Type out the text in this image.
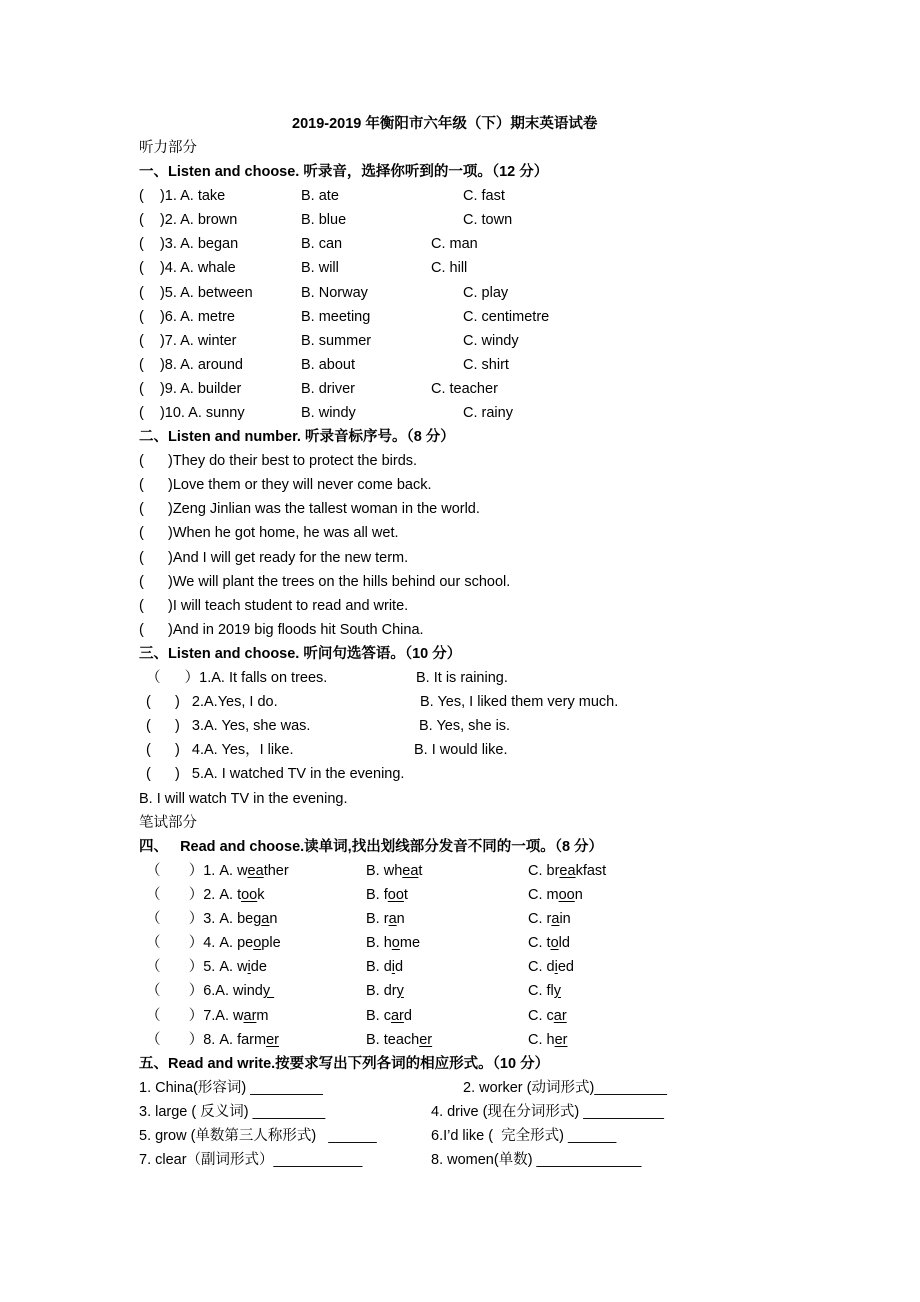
2019-2019 年衡阳市六年级（下）期末英语试卷
听力部分
一、Listen and choose. 听录音，选择你听到的一项。（12 分）
(    )1. A. take	B. ate	C. fast
(    )2. A. brown	B. blue	C. town
(    )3. A. began	B. can	C. man
(    )4. A. whale	B. will	C. hill
(    )5. A. between	B. Norway	C. play
(    )6. A. metre	B. meeting	C. centimetre
(    )7. A. winter	B. summer	C. windy
(    )8. A. around	B. about	C. shirt
(    )9. A. builder	B. driver	C. teacher
(    )10. A. sunny	B. windy	C. rainy
二、Listen and number. 听录音标序号。（8 分）
(      )They do their best to protect the birds.
(      )Love them or they will never come back.
(      )Zeng Jinlian was the tallest woman in the world.
(      )When he got home, he was all wet.
(      )And I will get ready for the new term.
(      )We will plant the trees on the hills behind our school.
(      )I will teach student to read and write.
(      )And in 2019 big floods hit South China.
三、Listen and choose. 听问句选答语。（10 分）
（      ）1.A. It falls on trees.	B. It is raining.
(      )   2.A.Yes, I do.	B. Yes, I liked them very much.
(      )   3.A. Yes, she was.	B. Yes, she is.
(      )   4.A. Yes，I like.	B. I would like.
(      )   5.A. I watched TV in the evening.
B. I will watch TV in the evening.
笔试部分
四、   Read and choose.读单词,找出划线部分发音不同的一项。（8 分）
（       ）1. A. weather	B. wheat	C. breakfast
（       ）2. A. took	B. foot	C. moon
（       ）3. A. began	B. ran	C. rain
（       ）4. A. people	B. home	C. told
（       ）5. A. wide	B. did	C. died
（       ）6.A. windy	B. dry	C. fly
（       ）7.A. warm	B. card	C. car
（       ）8. A. farmer	B. teacher	C. her
五、Read and write.按要求写出下列各词的相应形式。（10 分）
1. China(形容词) _________	2. worker (动词形式)_________
3. large ( 反义词) _________	4. drive (现在分词形式) __________
5. grow (单数第三人称形式)   ______	6.I’d like (  完全形式) ______
7. clear（副词形式）___________	8. women(单数) _____________
